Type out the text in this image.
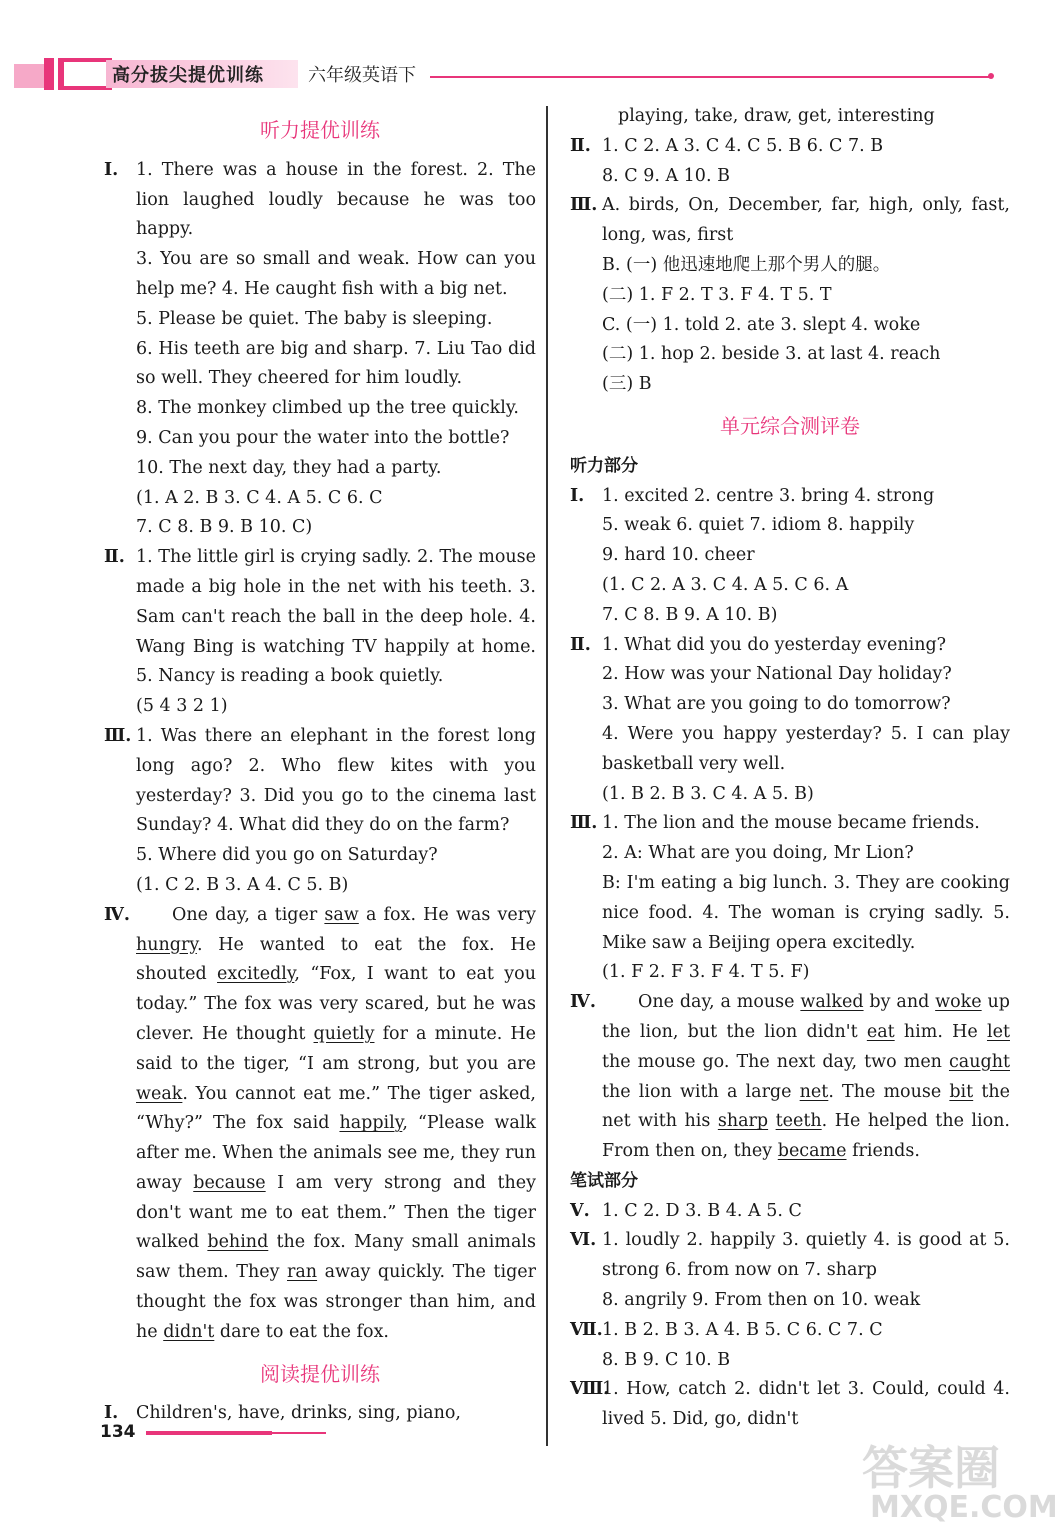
高分拔尖提优训练 六年级英语下
听力提优训练
Ⅰ.	1. There was a house in the forest. 2. The lion laughed loudly because he was too happy.

3. You are so small and weak. How can you help me? 4. He caught fish with a big net.

5. Please be quiet. The baby is sleeping.

6. His teeth are big and sharp. 7. Liu Tao did so well. They cheered for him loudly.

8. The monkey climbed up the tree quickly.

9. Can you pour the water into the bottle?

10. The next day, they had a party.

(1. A 2. B 3. C 4. A 5. C 6. C

7. C 8. B 9. B 10. C)

Ⅱ. 1. The little girl is crying sadly. 2. The mouse made a big hole in the net with his teeth. 3. Sam can't reach the ball in the deep hole. 4. Wang Bing is watching TV happily at home. 5. Nancy is reading a book quietly.

(5 4 3 2 1)

Ⅲ. 1. Was there an elephant in the forest long long ago? 2. Who flew kites with you yesterday? 3. Did you go to the cinema last Sunday? 4. What did they do on the farm?

5. Where did you go on Saturday?

(1. C 2. B 3. A 4. C 5. B)

Ⅳ.	One day, a tiger saw a fox. He was very hungry. He wanted to eat the fox. He shouted excitedly, “Fox, I want to eat you today.” The fox was very scared, but he was clever. He thought quietly for a minute. He said to the tiger, “I am strong, but you are weak. You cannot eat me.” The tiger asked, “Why?” The fox said happily, “Please walk after me. When the animals see me, they run away because I am very strong and they don't want me to eat them.” Then the tiger walked behind the fox. Many small animals saw them. They ran away quickly. The tiger thought the fox was stronger than him, and he didn't dare to eat the fox.

阅读提优训练
Ⅰ.	Children's, have, drinks, sing, piano,

playing, take, draw, get, interesting

Ⅱ. 1. C 2. A 3. C 4. C 5. B 6. C 7. B

8. C 9. A 10. B

Ⅲ. A. birds, On, December, far, high, only, fast, long, was, first

B. (一) 他迅速地爬上那个男人的腿。

(二) 1. F 2. T 3. F 4. T 5. T

C. (一) 1. told 2. ate 3. slept 4. woke

(二) 1. hop 2. beside 3. at last 4. reach

(三) B

单元综合测评卷
听力部分
Ⅰ.	1. excited 2. centre 3. bring 4. strong

5. weak 6. quiet 7. idiom 8. happily

9. hard 10. cheer

(1. C 2. A 3. C 4. A 5. C 6. A

7. C 8. B 9. A 10. B)

Ⅱ. 1. What did you do yesterday evening?

2. How was your National Day holiday?

3. What are you going to do tomorrow?

4. Were you happy yesterday? 5. I can play basketball very well.

(1. B 2. B 3. C 4. A 5. B)

Ⅲ. 1. The lion and the mouse became friends.

2. A: What are you doing, Mr Lion?

B: I'm eating a big lunch. 3. They are cooking nice food. 4. The woman is crying sadly. 5. Mike saw a Beijing opera excitedly.

(1. F 2. F 3. F 4. T 5. F)

Ⅳ.	One day, a mouse walked by and woke up the lion, but the lion didn't eat him. He let the mouse go. The next day, two men caught the lion with a large net. The mouse bit the net with his sharp teeth. He helped the lion. From then on, they became friends.

笔试部分
Ⅴ. 1. C 2. D 3. B 4. A 5. C

Ⅵ. 1. loudly 2. happily 3. quietly 4. is good at 5. strong 6. from now on 7. sharp

8. angrily 9. From then on 10. weak

Ⅶ. 1. B 2. B 3. A 4. B 5. C 6. C 7. C

8. B 9. C 10. B

Ⅷ.

1. How, catch 2. didn't let 3. Could, could 4. lived 5. Did, go, didn't

134
答案圈
MXQE.COM
